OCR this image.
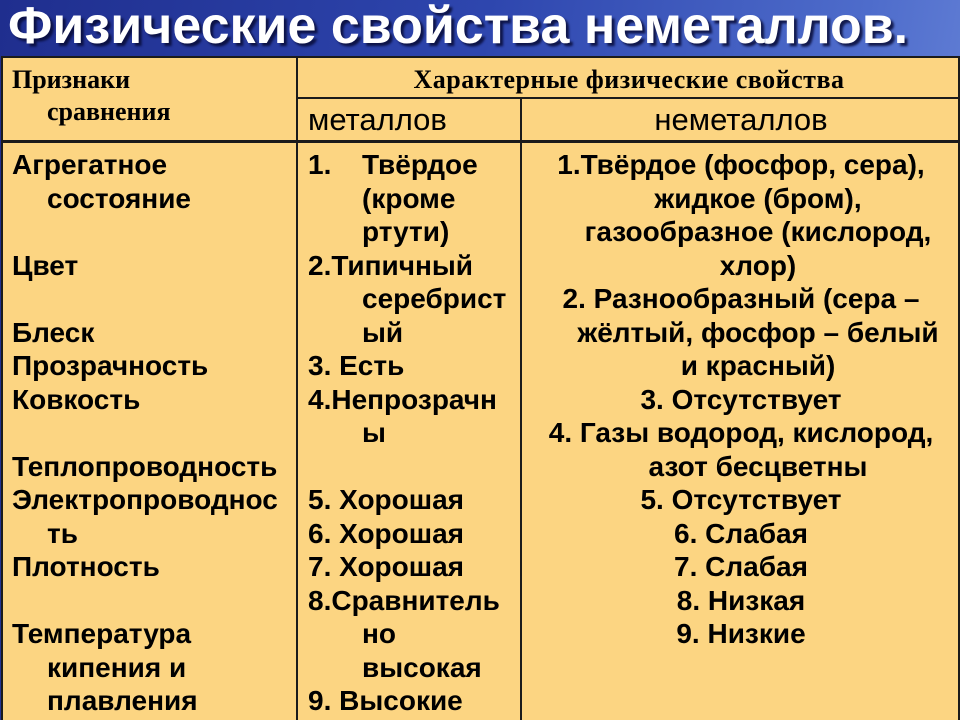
Физические свойства неметаллов.
Признаки
сравнения
Характерные физические свойства
металлов	неметаллов
Агрегатное
состояние
Цвет
Блеск
Прозрачность
Ковкость
Теплопроводность
Электропроводнос
ть
Плотность
Температура
кипения и
плавления
1. Твёрдое
(кроме
ртути)
2.Типичный
серебрист
ый
3. Есть
4.Непрозрачн
ы
5. Хорошая
6. Хорошая
7. Хорошая
8.Сравнитель
но
высокая
9. Высокие
1.Твёрдое (фосфор, сера),
жидкое (бром),
газообразное (кислород,
хлор)
2. Разнообразный (сера –
жёлтый, фосфор – белый
и красный)
3. Отсутствует
4. Газы водород, кислород,
азот бесцветны
5. Отсутствует
6. Слабая
7. Слабая
8. Низкая
9. Низкие
